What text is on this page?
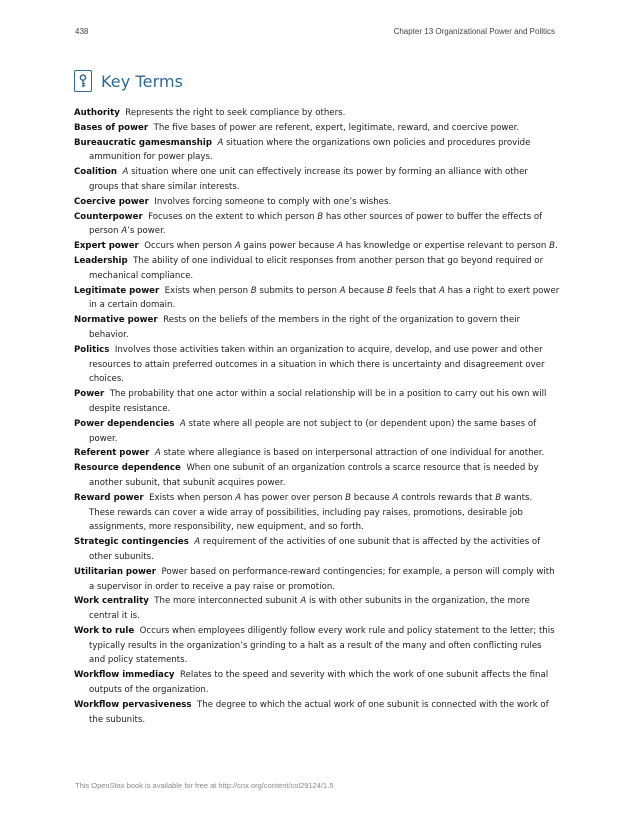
438	Chapter 13 Organizational Power and Politics
Key Terms

Authority Represents the right to seek compliance by others.

Bases of power The five bases of power are referent, expert, legitimate, reward, and coercive power.

Bureaucratic gamesmanship A situation where the organizations own policies and procedures provide ammunition for power plays.

Coalition A situation where one unit can effectively increase its power by forming an alliance with other groups that share similar interests.

Coercive power Involves forcing someone to comply with one’s wishes.

Counterpower Focuses on the extent to which person B has other sources of power to buffer the effects of person A’s power.

Expert power Occurs when person A gains power because A has knowledge or expertise relevant to person B.

Leadership The ability of one individual to elicit responses from another person that go beyond required or mechanical compliance.

Legitimate power Exists when person B submits to person A because B feels that A has a right to exert power in a certain domain.

Normative power Rests on the beliefs of the members in the right of the organization to govern their behavior.

Politics Involves those activities taken within an organization to acquire, develop, and use power and other resources to attain preferred outcomes in a situation in which there is uncertainty and disagreement over choices.

Power The probability that one actor within a social relationship will be in a position to carry out his own will despite resistance.

Power dependencies A state where all people are not subject to (or dependent upon) the same bases of power.

Referent power A state where allegiance is based on interpersonal attraction of one individual for another.

Resource dependence When one subunit of an organization controls a scarce resource that is needed by another subunit, that subunit acquires power.

Reward power Exists when person A has power over person B because A controls rewards that B wants. These rewards can cover a wide array of possibilities, including pay raises, promotions, desirable job assignments, more responsibility, new equipment, and so forth.

Strategic contingencies A requirement of the activities of one subunit that is affected by the activities of other subunits.

Utilitarian power Power based on performance-reward contingencies; for example, a person will comply with a supervisor in order to receive a pay raise or promotion.

Work centrality The more interconnected subunit A is with other subunits in the organization, the more central it is.

Work to rule Occurs when employees diligently follow every work rule and policy statement to the letter; this typically results in the organization’s grinding to a halt as a result of the many and often conflicting rules and policy statements.

Workflow immediacy Relates to the speed and severity with which the work of one subunit affects the final outputs of the organization.

Workflow pervasiveness The degree to which the actual work of one subunit is connected with the work of the subunits.

This OpenStax book is available for free at http://cnx.org/content/col29124/1.5
